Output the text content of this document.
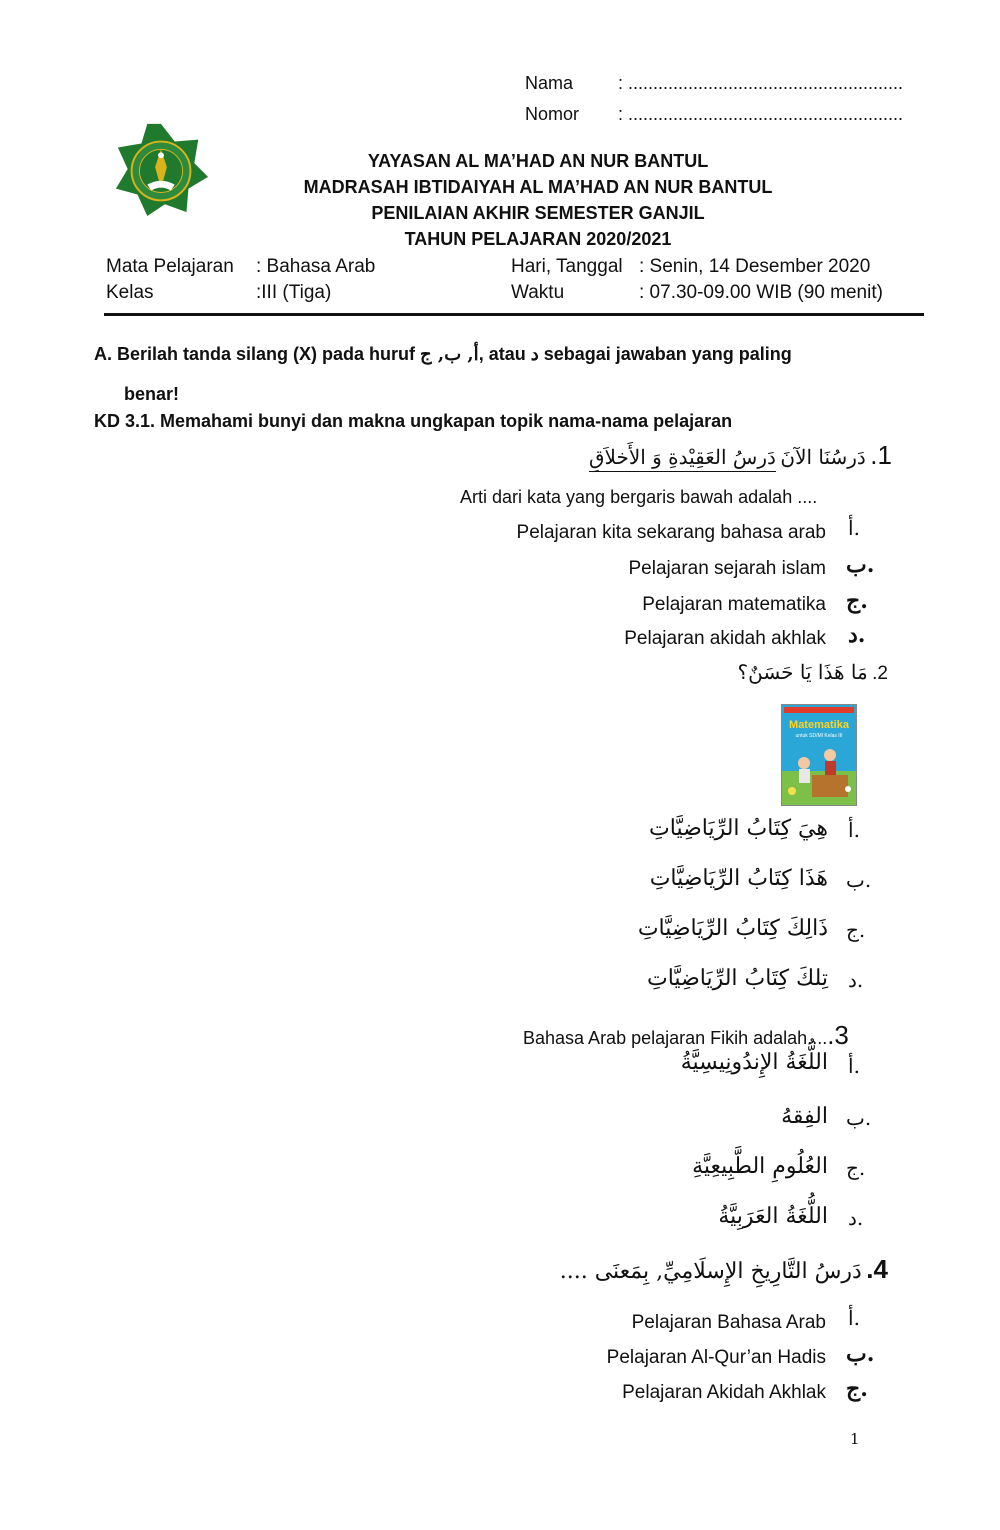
Nama : .......................................................
Nomor : .......................................................
YAYASAN AL MA’HAD AN NUR BANTUL
MADRASAH IBTIDAIYAH AL MA’HAD AN NUR BANTUL
PENILAIAN AKHIR SEMESTER GANJIL
TAHUN PELAJARAN 2020/2021
Mata Pelajaran : Bahasa Arab
Kelas	:III (Tiga)
Hari, Tanggal : Senin, 14 Desember 2020
Waktu	: 07.30-09.00 WIB (90 menit)
A. Berilah tanda silang (X) pada huruf أ, ب, ج, atau د sebagai jawaban yang paling
benar!
KD 3.1. Memahami bunyi dan makna ungkapan topik nama-nama pelajaran
1. دَرسُنَا الآنَ دَرسُ العَقِيْدةِ وَ الأَخلاَقِ
Arti dari kata yang bergaris bawah adalah ....
Pelajaran kita sekarang bahasa arab أ.
Pelajaran sejarah islam ب.
Pelajaran matematika ج.
Pelajaran akidah akhlak د.
2. مَا هَذَا يَا حَسَنٌ؟
Matematika
untuk SD/MI Kelas III
هِيَ كِتَابُ الرِّيَاضِيَّاتِ أ.
هَذَا كِتَابُ الرِّيَاضِيَّاتِ ب.
ذَالِكَ كِتَابُ الرِّيَاضِيَّاتِ ج.
تِلكَ كِتَابُ الرِّيَاضِيَّاتِ د.
Bahasa Arab pelajaran Fikih adalah.....3
اللُّغَةُ الإِندُونِيسِيَّةُ أ.
الفِقهُ ب.
العُلُومِ الطَّبِيعِيَّةِ ج.
اللُّغَةُ العَرَبِيَّةُ د.
4. دَرسُ التَّارِيخِ الإِسلَامِيِّ, بِمَعنَى ....
Pelajaran Bahasa Arab أ.
Pelajaran Al-Qur’an Hadis ب.
Pelajaran Akidah Akhlak ج.
1
